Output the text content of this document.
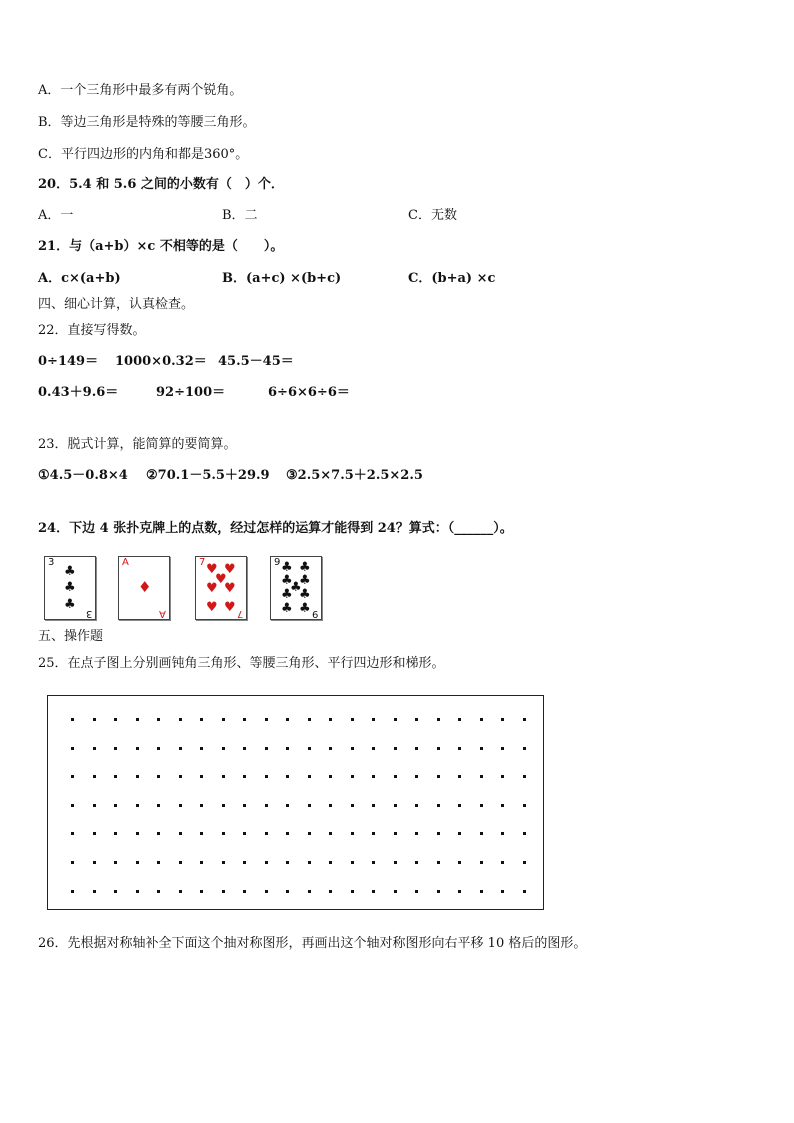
A．一个三角形中最多有两个锐角。
B．等边三角形是特殊的等腰三角形。
C．平行四边形的内角和都是360°。
20．5.4 和 5.6 之间的小数有（　）个．
A．一	B．二	C．无数
21．与（a+b）×c 不相等的是（　　）。
A．c×(a+b)	B．(a+c) ×(b+c)	C．(b+a) ×c
四、细心计算，认真检查。
22．直接写得数。
0÷149＝ 1000×0.32＝ 45.5－45＝
0.43＋9.6＝	92÷100＝	6÷6×6÷6＝
23．脱式计算，能简算的要简算。
①4.5－0.8×4 ②70.1－5.5＋29.9 ③2.5×7.5＋2.5×2.5
24．下边 4 张扑克牌上的点数，经过怎样的运算才能得到 24？算式：（______）。
3
♣
♣
♣
3
A
♦
A
7 ♥ ♥
♥
♥ ♥
♥ ♥ 7
9 ♣ ♣
♣ ♣
♣
♣ ♣
♣ ♣ 9
五、操作题
25．在点子图上分别画钝角三角形、等腰三角形、平行四边形和梯形。
26．先根据对称轴补全下面这个抽对称图形，再画出这个轴对称图形向右平移 10 格后的图形。
